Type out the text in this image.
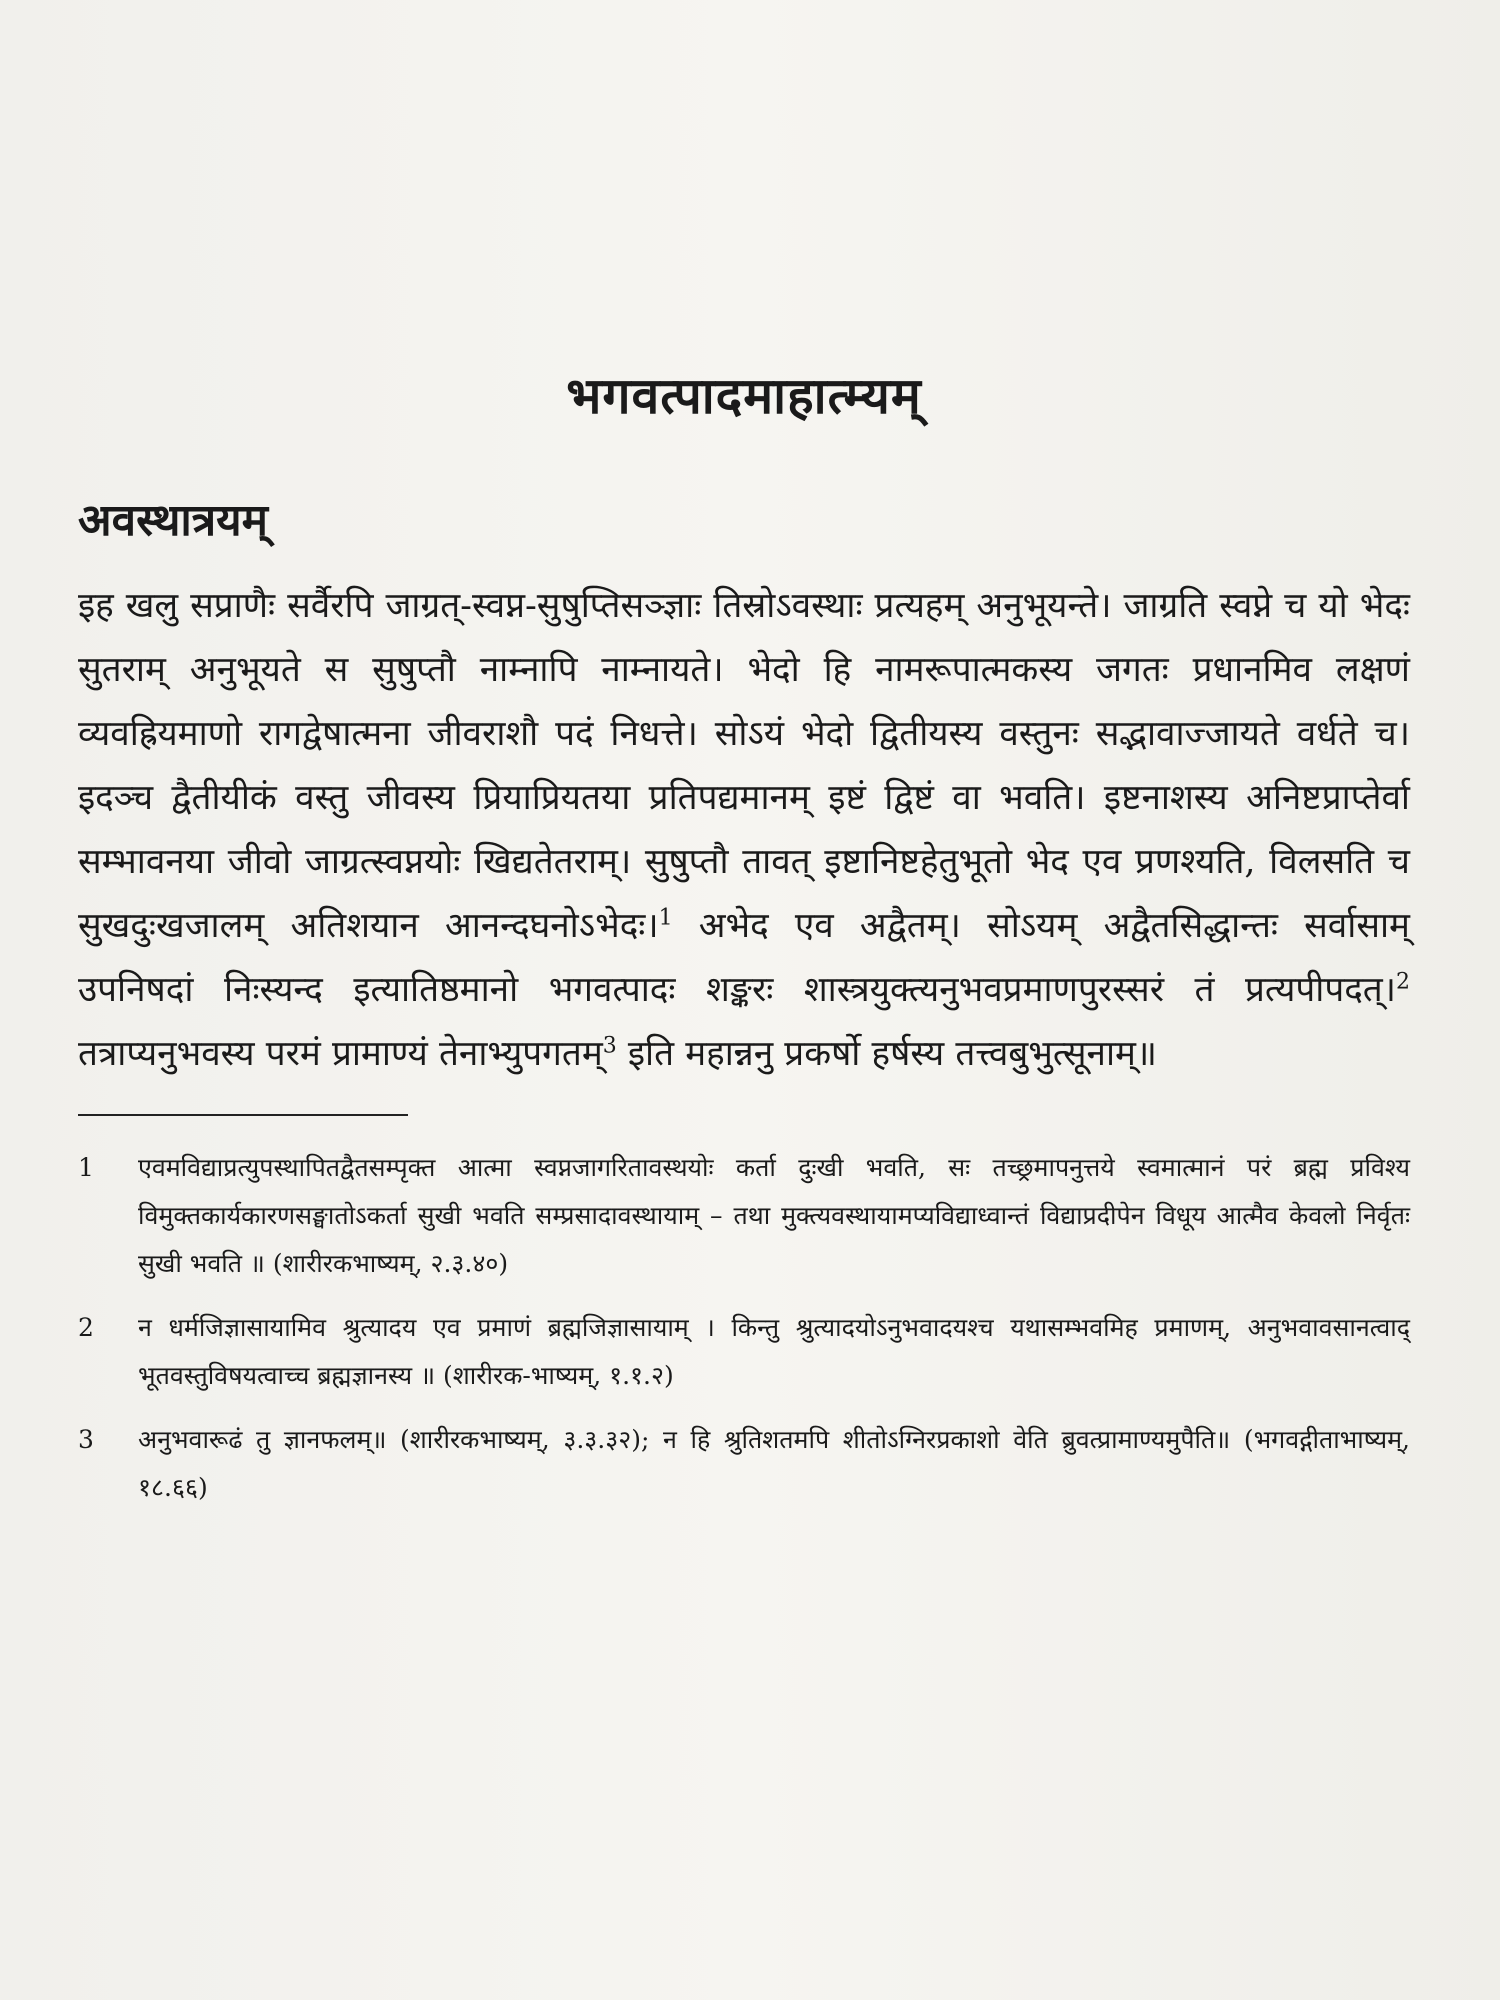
भगवत्पादमाहात्म्यम्
अवस्थात्रयम्

इह खलु सप्राणैः सर्वैरपि जाग्रत्-स्वप्न-सुषुप्तिसञ्ज्ञाः तिस्रोऽवस्थाः प्रत्यहम् अनुभूयन्ते। जाग्रति स्वप्ने च यो भेदः सुतराम् अनुभूयते स सुषुप्तौ नाम्नापि नाम्नायते। भेदो हि नामरूपात्मकस्य जगतः प्रधानमिव लक्षणं व्यवह्रियमाणो रागद्वेषात्मना जीवराशौ पदं निधत्ते। सोऽयं भेदो द्वितीयस्य वस्तुनः सद्भावाज्जायते वर्धते च। इदञ्च द्वैतीयीकं वस्तु जीवस्य प्रियाप्रियतया प्रतिपद्यमानम् इष्टं द्विष्टं वा भवति। इष्टनाशस्य अनिष्टप्राप्तेर्वा सम्भावनया जीवो जाग्रत्स्वप्नयोः खिद्यतेतराम्। सुषुप्तौ तावत् इष्टानिष्टहेतुभूतो भेद एव प्रणश्यति, विलसति च सुखदुःखजालम् अतिशयान आनन्दघनोऽभेदः।$^1$ अभेद एव अद्वैतम्। सोऽयम् अद्वैतसिद्धान्तः सर्वासाम् उपनिषदां निःस्यन्द इत्यातिष्ठमानो भगवत्पादः शङ्करः शास्त्रयुक्त्यनुभवप्रमाणपुरस्सरं तं प्रत्यपीपदत्।$^2$ तत्राप्यनुभवस्य परमं प्रामाण्यं तेनाभ्युपगतम्$^3$ इति महान्ननु प्रकर्षो हर्षस्य तत्त्वबुभुत्सूनाम्॥

1	एवमविद्याप्रत्युपस्थापितद्वैतसम्पृक्त आत्मा स्वप्नजागरितावस्थयोः कर्ता दुःखी भवति, सः तच्छ्रमापनुत्तये स्वमात्मानं परं ब्रह्म प्रविश्य विमुक्तकार्यकारणसङ्घातोऽकर्ता सुखी भवति सम्प्रसादावस्थायाम् – तथा मुक्त्यवस्थायामप्यविद्याध्वान्तं विद्याप्रदीपेन विधूय आत्मैव केवलो निर्वृतः सुखी भवति ॥ (शारीरकभाष्यम्, २.३.४०)
2	न धर्मजिज्ञासायामिव श्रुत्यादय एव प्रमाणं ब्रह्मजिज्ञासायाम् । किन्तु श्रुत्यादयोऽनुभवादयश्च यथासम्भवमिह प्रमाणम्, अनुभवावसानत्वाद् भूतवस्तुविषयत्वाच्च ब्रह्मज्ञानस्य ॥ (शारीरक-भाष्यम्, १.१.२)
3	अनुभवारूढं तु ज्ञानफलम्॥ (शारीरकभाष्यम्, ३.३.३२); न हि श्रुतिशतमपि शीतोऽग्निरप्रकाशो वेति ब्रुवत्प्रामाण्यमुपैति॥ (भगवद्गीताभाष्यम्, १८.६६)
